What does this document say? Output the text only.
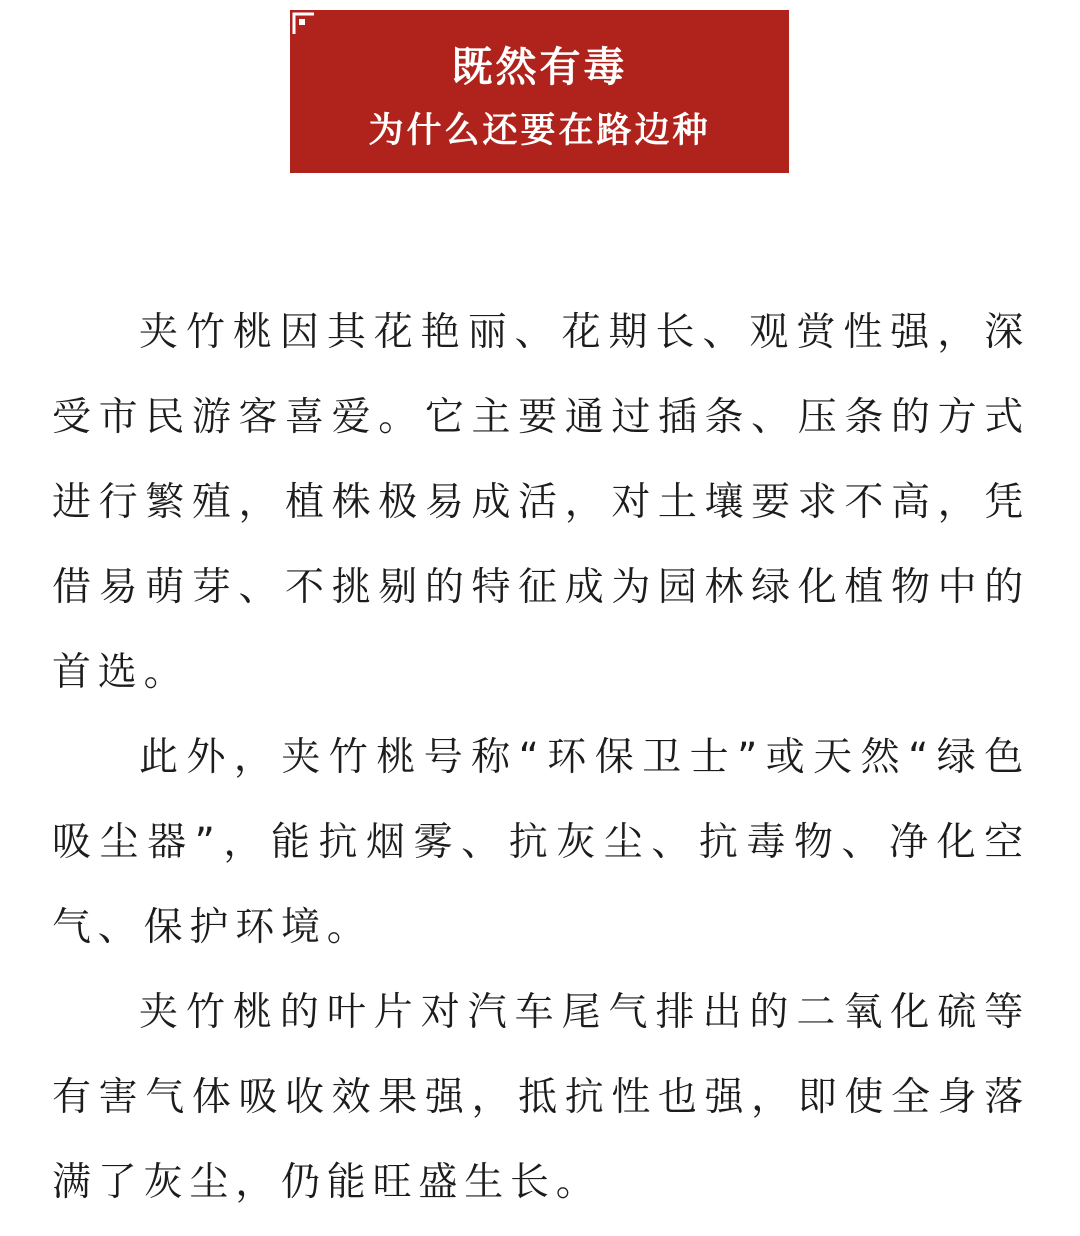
既然有毒
为什么还要在路边种

夹竹桃因其花艳丽、花期长、观赏性强，深受市民游客喜爱。它主要通过插条、压条的方式进行繁殖，植株极易成活，对土壤要求不高，凭借易萌芽、不挑剔的特征成为园林绿化植物中的首选。

此外，夹竹桃号称“环保卫士”或天然“绿色吸尘器”，能抗烟雾、抗灰尘、抗毒物、净化空气、保护环境。

夹竹桃的叶片对汽车尾气排出的二氧化硫等有害气体吸收效果强，抵抗性也强，即使全身落满了灰尘，仍能旺盛生长。
